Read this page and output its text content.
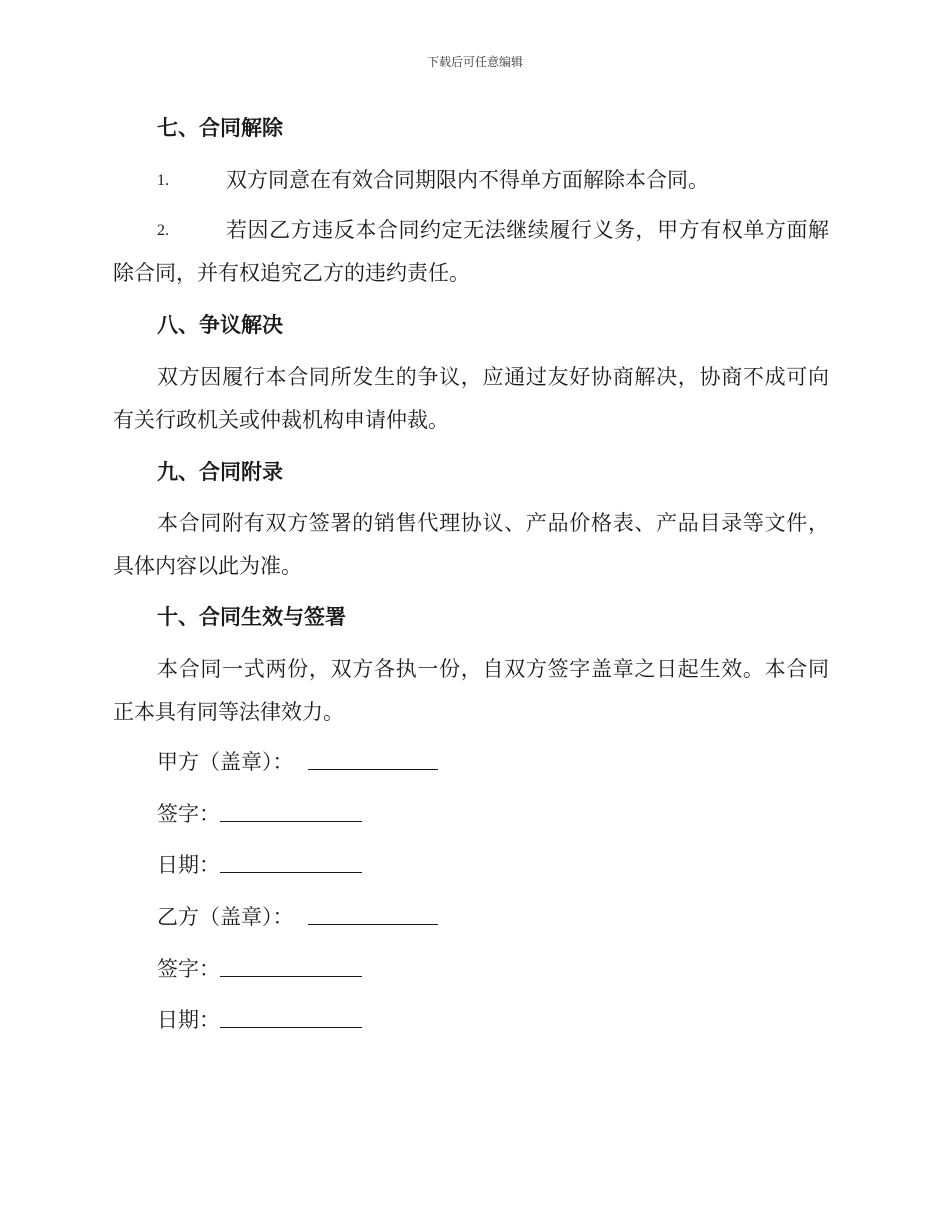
下载后可任意编辑
七、合同解除
1.	双方同意在有效合同期限内不得单方面解除本合同。
2.	若因乙方违反本合同约定无法继续履行义务，甲方有权单方面解
除合同，并有权追究乙方的违约责任。
八、争议解决
双方因履行本合同所发生的争议，应通过友好协商解决，协商不成可向
有关行政机关或仲裁机构申请仲裁。
九、合同附录
本合同附有双方签署的销售代理协议、产品价格表、产品目录等文件，
具体内容以此为准。
十、合同生效与签署
本合同一式两份，双方各执一份，自双方签字盖章之日起生效。本合同
正本具有同等法律效力。
甲方（盖章）：
签字：
日期：
乙方（盖章）：
签字：
日期：
